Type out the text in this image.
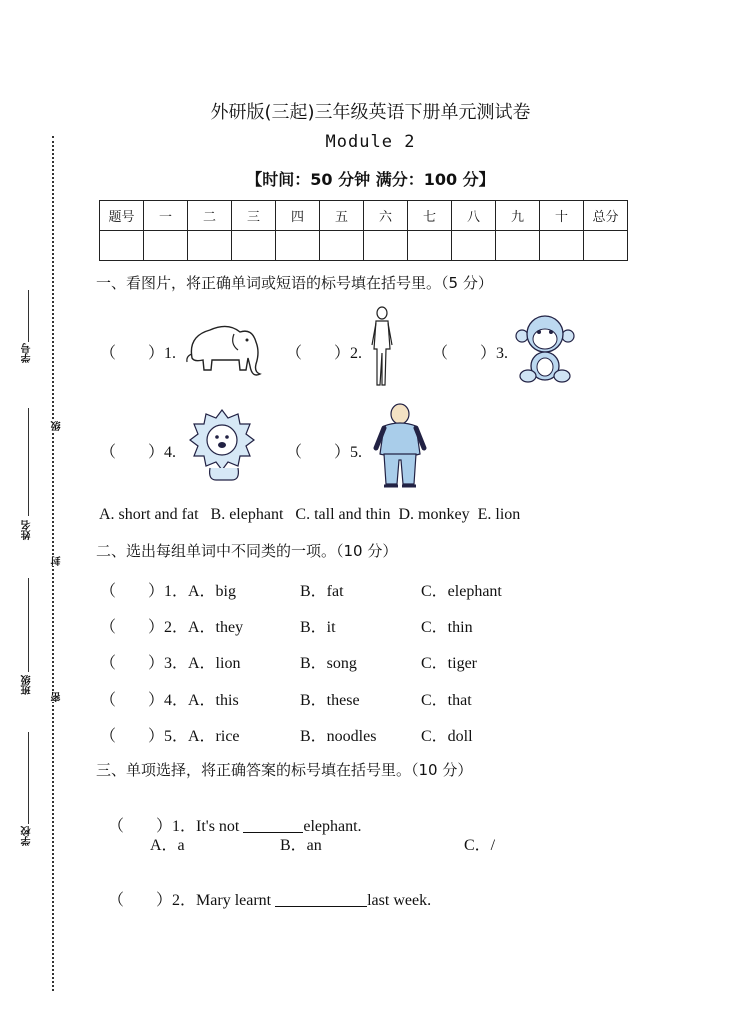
学号
姓名
班级
学校
级
封
密
外研版(三起)三年级英语下册单元测试卷
Module 2
【时间：50 分钟 满分：100 分】
题号	一	二	三	四	五	六	七	八	九	十	总分

一、看图片，将正确单词或短语的标号填在括号里。（5 分）
（　　）1.	（　　）2.	（　　）3.
（　　）4.	（　　）5.
A. short and fat   B. elephant   C. tall and thin  D. monkey  E. lion
二、选出每组单词中不同类的一项。（10 分）
（　　）1． A．big	B．fat	C．elephant
（　　）2． A．they	B．it	C．thin
（　　）3． A．lion	B．song	C．tiger
（　　）4． A．this	B．these	C．that
（　　）5． A．rice	B．noodles	C．doll
三、单项选择，将正确答案的标号填在括号里。（10 分）

（　　）1．It's not	elephant.

A．a	B．an	C．/

（　　）2．Mary learnt	last week.
